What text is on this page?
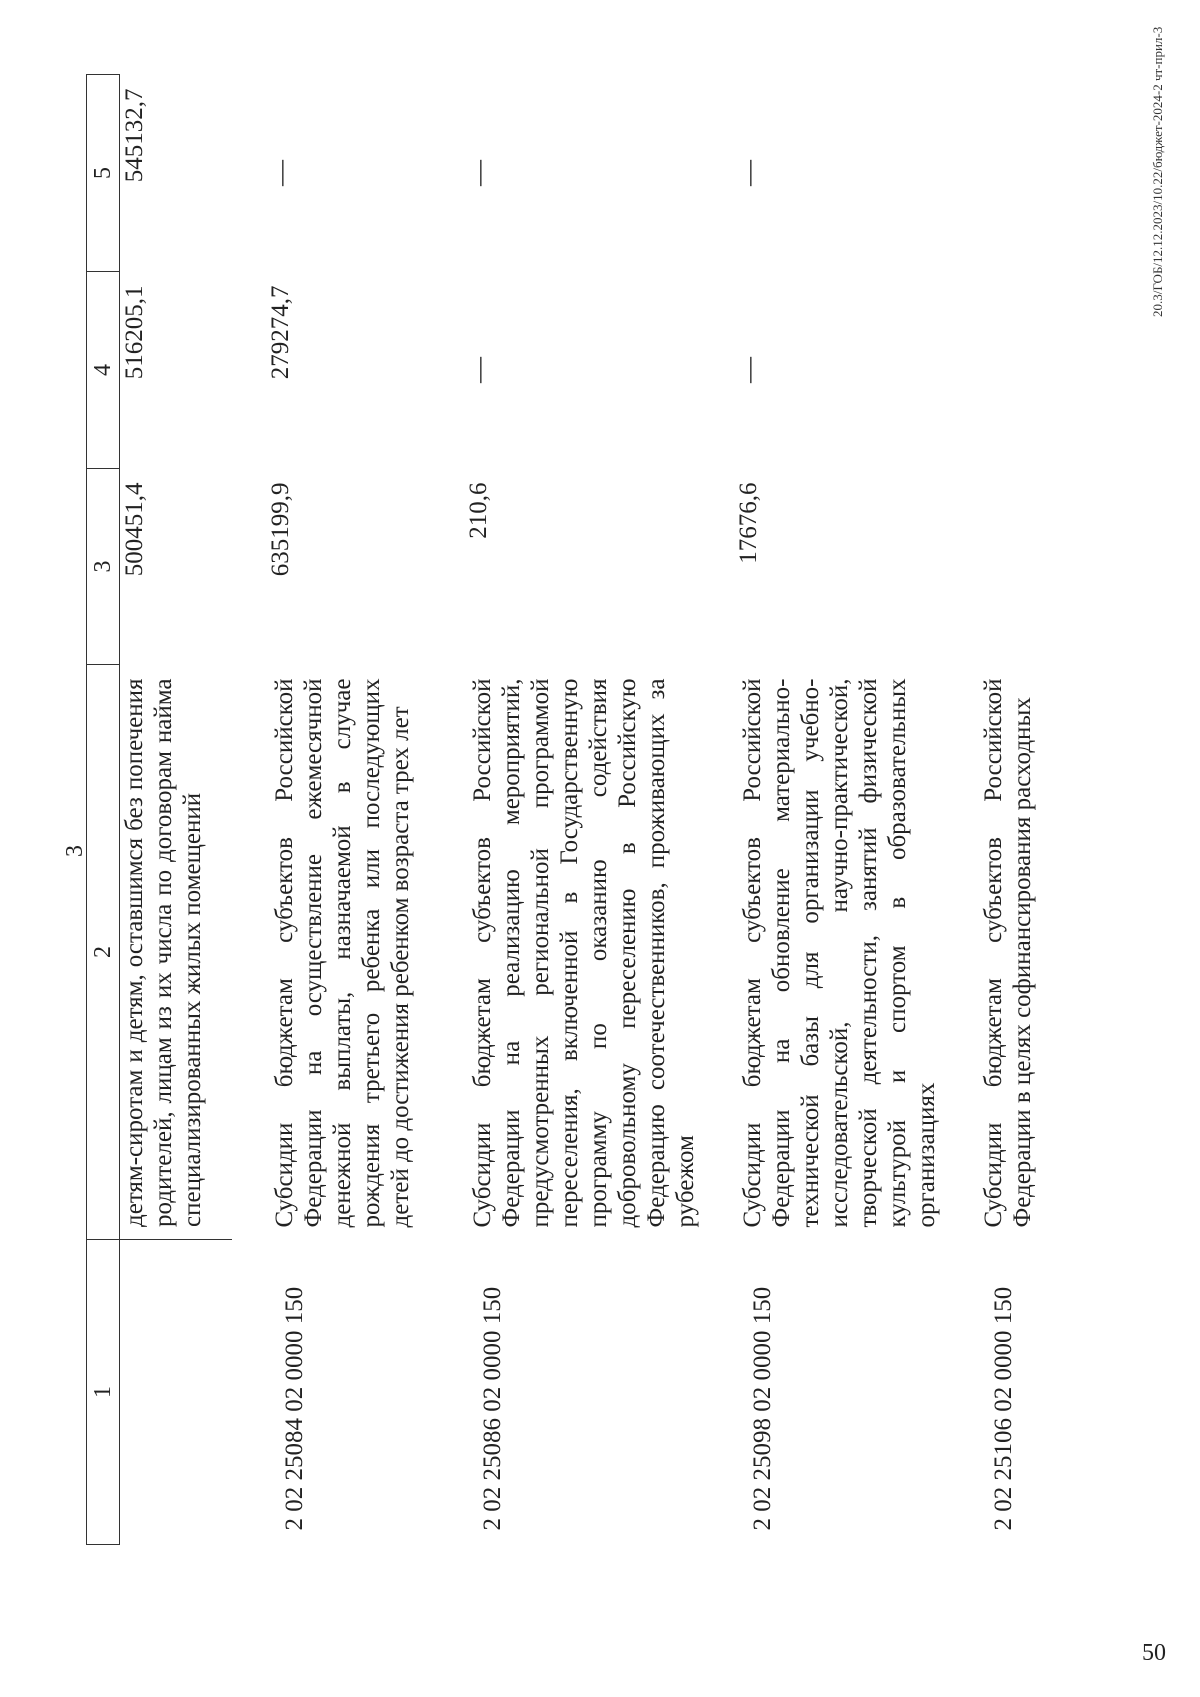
3
1	2	3	4	5
	детям-сиротам и детям, оставшимся без попечения родителей, лицам из их числа по договорам найма специализированных жилых помещений	500451,4	516205,1	545132,7

2 02 25084 02 0000 150	Субсидии бюджетам субъектов Российской Федерации на осуществление ежемесячной денежной выплаты, назначаемой в случае рождения третьего ребенка или последующих детей до достижения ребенком возраста трех лет	635199,9	279274,7	—

2 02 25086 02 0000 150	Субсидии бюджетам субъектов Российской Федерации на реализацию мероприятий, предусмотренных региональной программой переселения, включенной в Государственную программу по оказанию содействия добровольному переселению в Российскую Федерацию соотечественников, проживающих за рубежом	210,6	—	—

2 02 25098 02 0000 150	Субсидии бюджетам субъектов Российской Федерации на обновление материально-технической базы для организации учебно-исследовательской, научно-практической, творческой деятельности, занятий физической культурой и спортом в образовательных организациях	17676,6	—	—

2 02 25106 02 0000 150	Субсидии бюджетам субъектов Российской Федерации в целях софинансирования расходных			
20.3/ГОБ/12.12.2023/10.22/бюджет-2024-2 чт-прил-3
50
